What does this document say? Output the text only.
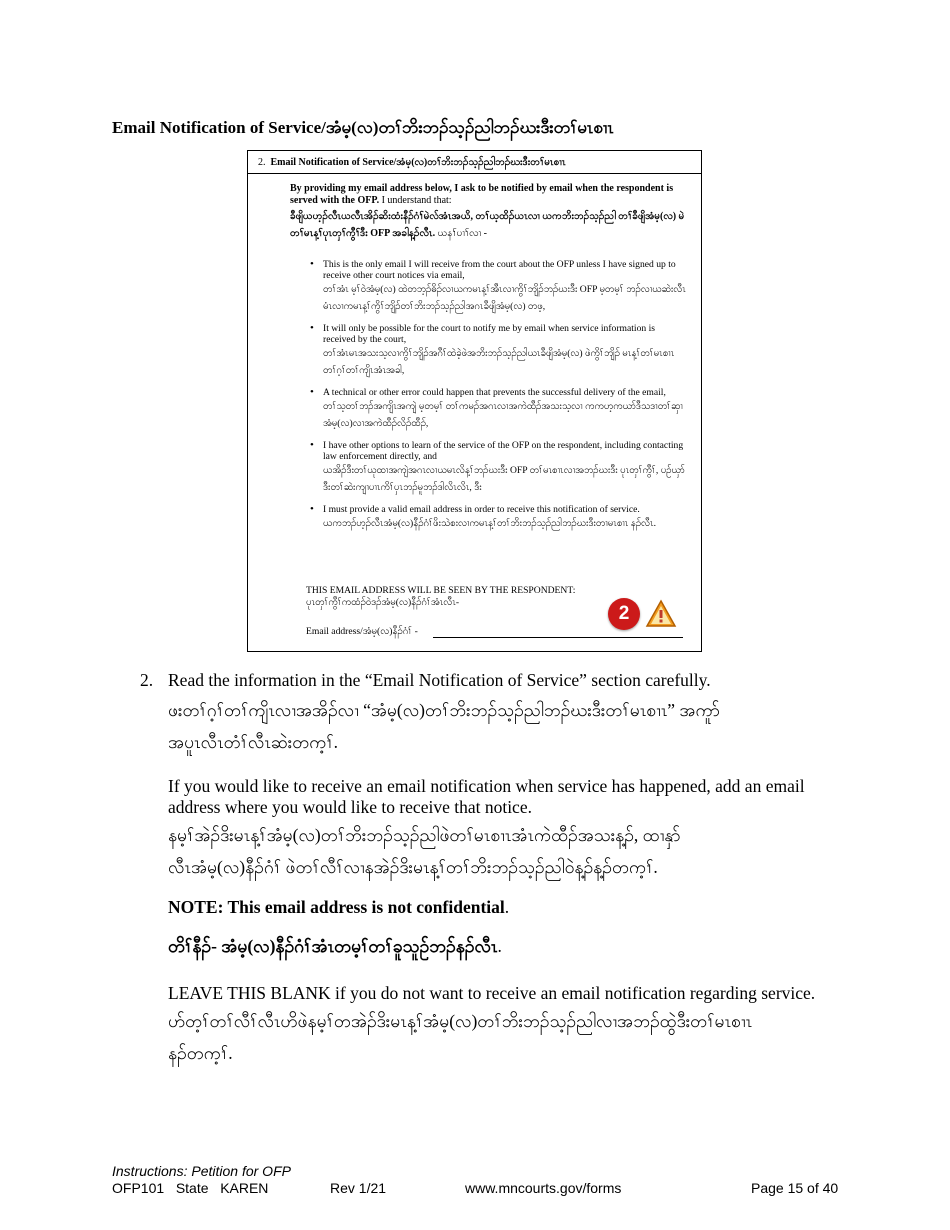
Email Notification of Service/အံမ့(လ)တၢ်ဘိးဘၣ်သ့ၣ်ညါဘၣ်ဃးဒီးတၢ်မၤစၢၤ
2. Email Notification of Service/အံမ့(လ)တၢ်ဘိးဘၣ်သ့ၣ်ညါဘၣ်ဃးဒီးတၢ်မၤစၢၤ
By providing my email address below, I ask to be notified by email when the respondent is served with the OFP. I understand that:
ခီဖျိယဟ့ၣ်လီၤယလီၤအိၣ်ဆိးထံးနီၣ်ဂံၢ်မဲလ်အံၤအယိ, တၢ်ယ့ထိၣ်ယၤလၢ ယကဘိးဘၣ်သ့ၣ်ညါ တၢ်ခီဖျိအံမ့(လ) မဲတၢ်မၤန့ၢ်ပုၤတှၢ်ကွီၢ်ဒီး OFP အခါန့ၣ်လီၤ. ယနၢ်ပၢၢ်လၢ -
• This is the only email I will receive from the court about the OFP unless I have signed up to receive other court notices via email,
တၢ်အံၤ မ့ၢ်ဝဲအံမ့(လ) ထဲတဘ့ၣ်ဓိၣ်လၢယကမၤန့ၢ်အီၤလၢကွိၢ်ဘျိၣ်ဘၣ်ဃးဒီး OFP မ့တမ့ၢ် ဘၣ်လၢယဆဲးလီၤမံၤလၢကမၤန့ၢ်ကွိၢ်ဘျိၣ်တၢ်ဘိးဘၣ်သ့ၣ်ညါအဂၤခီဖျိအံမ့(လ) တဖ့,
• It will only be possible for the court to notify me by email when service information is received by the court,
တၢ်အံၤမၤအသးသ့လၢကွိၢ်ဘျိၣ်အဂီၢ်ထဲခဲ့ဖဲအဘိးဘၣ်သ့ၣ်ညါယၤခီဖျိအံမ့(လ) ဖဲကွိၢ်ဘျိၣ် မၤန့ၢ်တၢ်မၤစၢၤတၢ်ဂ့ၢ်တၢ်ကျိၤအံၤအခါ,
• A technical or other error could happen that prevents the successful delivery of the email,
တၢ်သ့တၢ်ဘၣ်အကျိၤအကျဲ မ့တမ့ၢ် တၢ်ကမၣ်အဂၤလၢအကဲထီၣ်အသးသ့လၢ ကကဟ့ကယာ်ဒီသဒၢတၢ်ဆှၢအံမ့(လ)လၢအကဲထီၣ်လိၣ်ထီၣ်,
• I have other options to learn of the service of the OFP on the respondent, including contacting law enforcement directly, and
ယအိၣ်ဒီးတၢ်ယုထၢအကျဲအဂၤလၢယမၤလိန့ၢ်ဘၣ်ဃးဒီး OFP တၢ်မၤစၢၤလၢအဘၣ်ဃးဒီး ပုၤတှၢ်ကွီၢ်, ပဉ်ယှာ်ဒီးတၢ်ဆဲးကျၢပၢၤကိၢ်ပှၤဘၣ်မူဘၣ်ဒါလိၤလိၤ, ဒီး
• I must provide a valid email address in order to receive this notification of service.
ယကဘၣ်ဟ့ၣ်လီၤအံမ့(လ)နီၣ်ဂံၢ်ဖိးသဲစးလၢကမၤန့ၢ်တၢ်ဘိးဘၣ်သ့ၣ်ညါဘၣ်ဃးဒီးတၢမၤစၢၤ နၣ်လီၤ.
THIS EMAIL ADDRESS WILL BE SEEN BY THE RESPONDENT:
ပုၤတှၢ်ကွီၢ်ကထံၣ်ဝဲဒၣ်အံမ့(လ)နီၣ်ဂံၢ်အံၤလီၤ-
2
Email address/အံမ့(လ)နီၣ်ဂံၢ် -
2. Read the information in the “Email Notification of Service” section carefully.
ဖးတၢ်ဂ့ၢ်တၢ်ကျိၤလၢအအိၣ်လၢ “အံမ့(လ)တၢ်ဘိးဘၣ်သ့ၣ်ညါဘၣ်ဃးဒီးတၢ်မၤစၢၤ” အကူာ်
အပူၤလီၤတံၢ်လီၤဆဲးတက့ၢ်.
If you would like to receive an email notification when service has happened, add an email address where you would like to receive that notice.
နမ့ၢ်အဲၣ်ဒိးမၤန့ၢ်အံမ့(လ)တၢ်ဘိးဘၣ်သ့ၣ်ညါဖဲတၢ်မၤစၢၤအံၤကဲထီၣ်အသးန့ၣ်, ထၢနှာ်
လီၤအံမ့(လ)နီၣ်ဂံၢ် ဖဲတၢ်လီၢ်လၢနအဲၣ်ဒိးမၤန့ၢ်တၢ်ဘိးဘၣ်သ့ၣ်ညါဝဲန့ၣ်န့ၣ်တက့ၢ်.
NOTE: This email address is not confidential.
တိၢ်နီၣ်- အံမ့(လ)နီၣ်ဂံၢ်အံၤတမ့ၢ်တၢ်ခူသူဉ်ဘၣ်နၣ်လီၤ.
LEAVE THIS BLANK if you do not want to receive an email notification regarding service.
ဟ်တ့ၢ်တၢ်လီၢ်လီၤဟိဖဲနမ့ၢ်တအဲၣ်ဒိးမၤန့ၢ်အံမ့(လ)တၢ်ဘိးဘၣ်သ့ၣ်ညါလၢအဘၣ်ထွဲဒီးတၢ်မၤစၢၤ
နၣ်တက့ၢ်.
Instructions: Petition for OFP
OFP101 State KAREN	Rev 1/21	www.mncourts.gov/forms	Page 15 of 40
